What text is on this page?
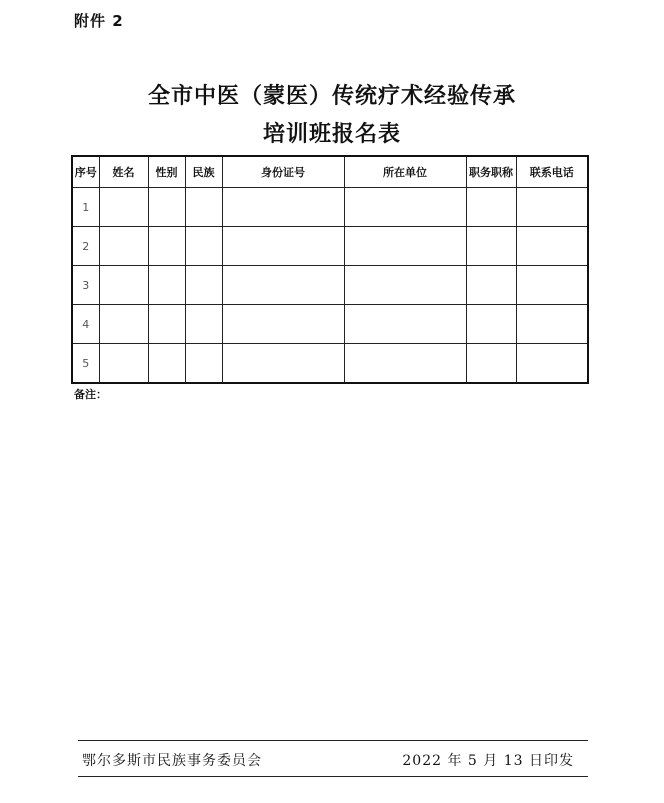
附件 2
全市中医（蒙医）传统疗术经验传承
培训班报名表
序号	姓名	性别	民族	身份证号	所在单位	职务职称	联系电话
1							
2							
3							
4							
5							
备注：
鄂尔多斯市民族事务委员会	2022 年 5 月 13 日印发
